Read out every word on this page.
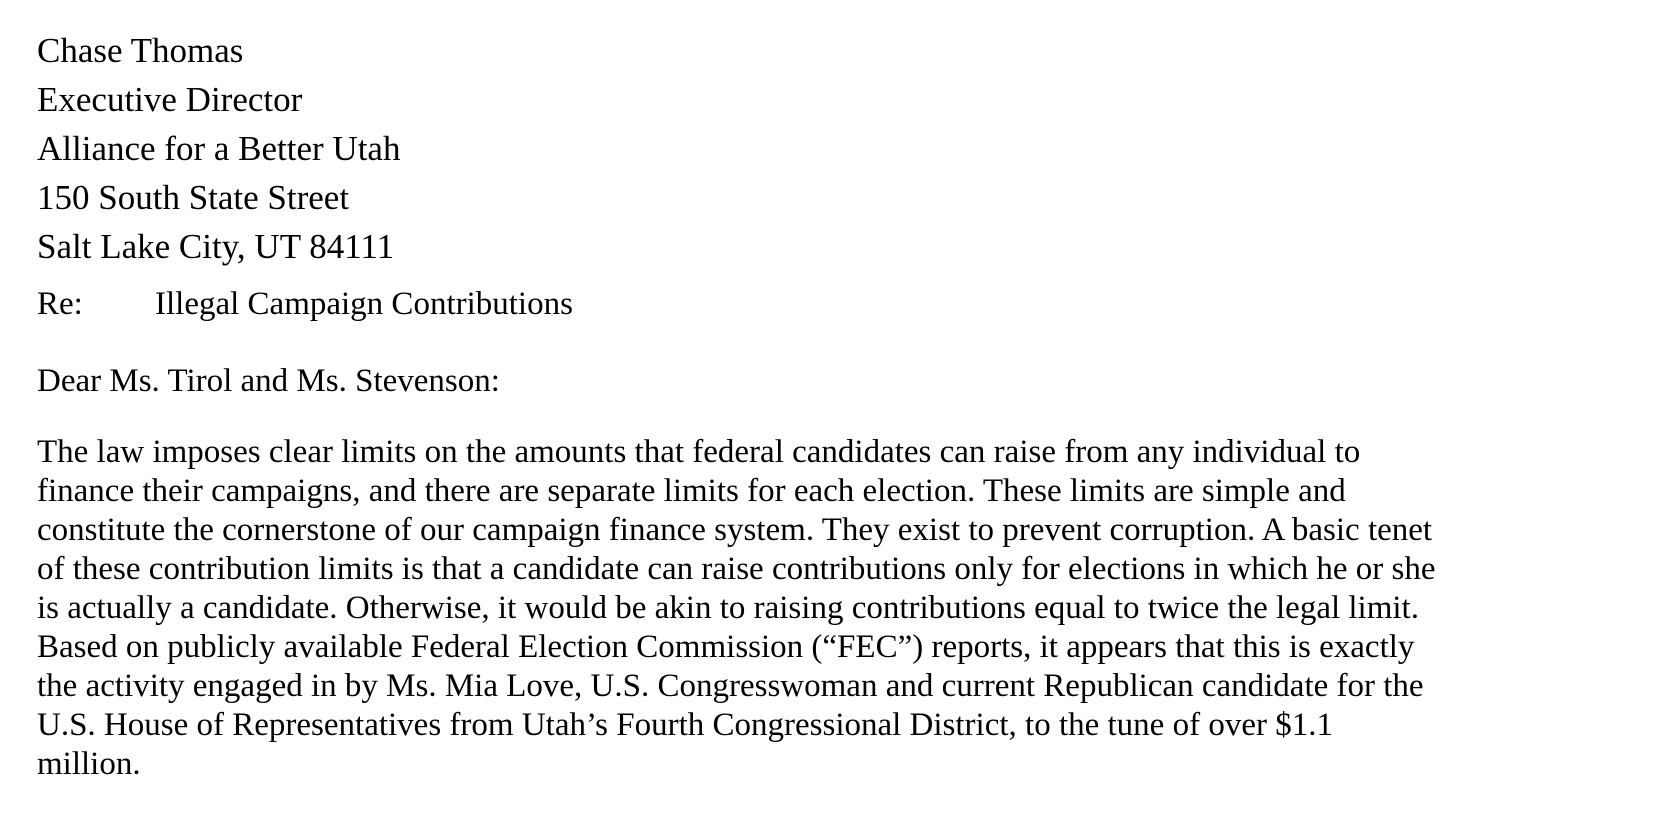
Chase Thomas
Executive Director
Alliance for a Better Utah
150 South State Street
Salt Lake City, UT 84111
Re:	Illegal Campaign Contributions
Dear Ms. Tirol and Ms. Stevenson:
The law imposes clear limits on the amounts that federal candidates can raise from any individual to
finance their campaigns, and there are separate limits for each election. These limits are simple and
constitute the cornerstone of our campaign finance system. They exist to prevent corruption. A basic tenet
of these contribution limits is that a candidate can raise contributions only for elections in which he or she
is actually a candidate. Otherwise, it would be akin to raising contributions equal to twice the legal limit.
Based on publicly available Federal Election Commission (“FEC”) reports, it appears that this is exactly
the activity engaged in by Ms. Mia Love, U.S. Congresswoman and current Republican candidate for the
U.S. House of Representatives from Utah’s Fourth Congressional District, to the tune of over $1.1
million.
